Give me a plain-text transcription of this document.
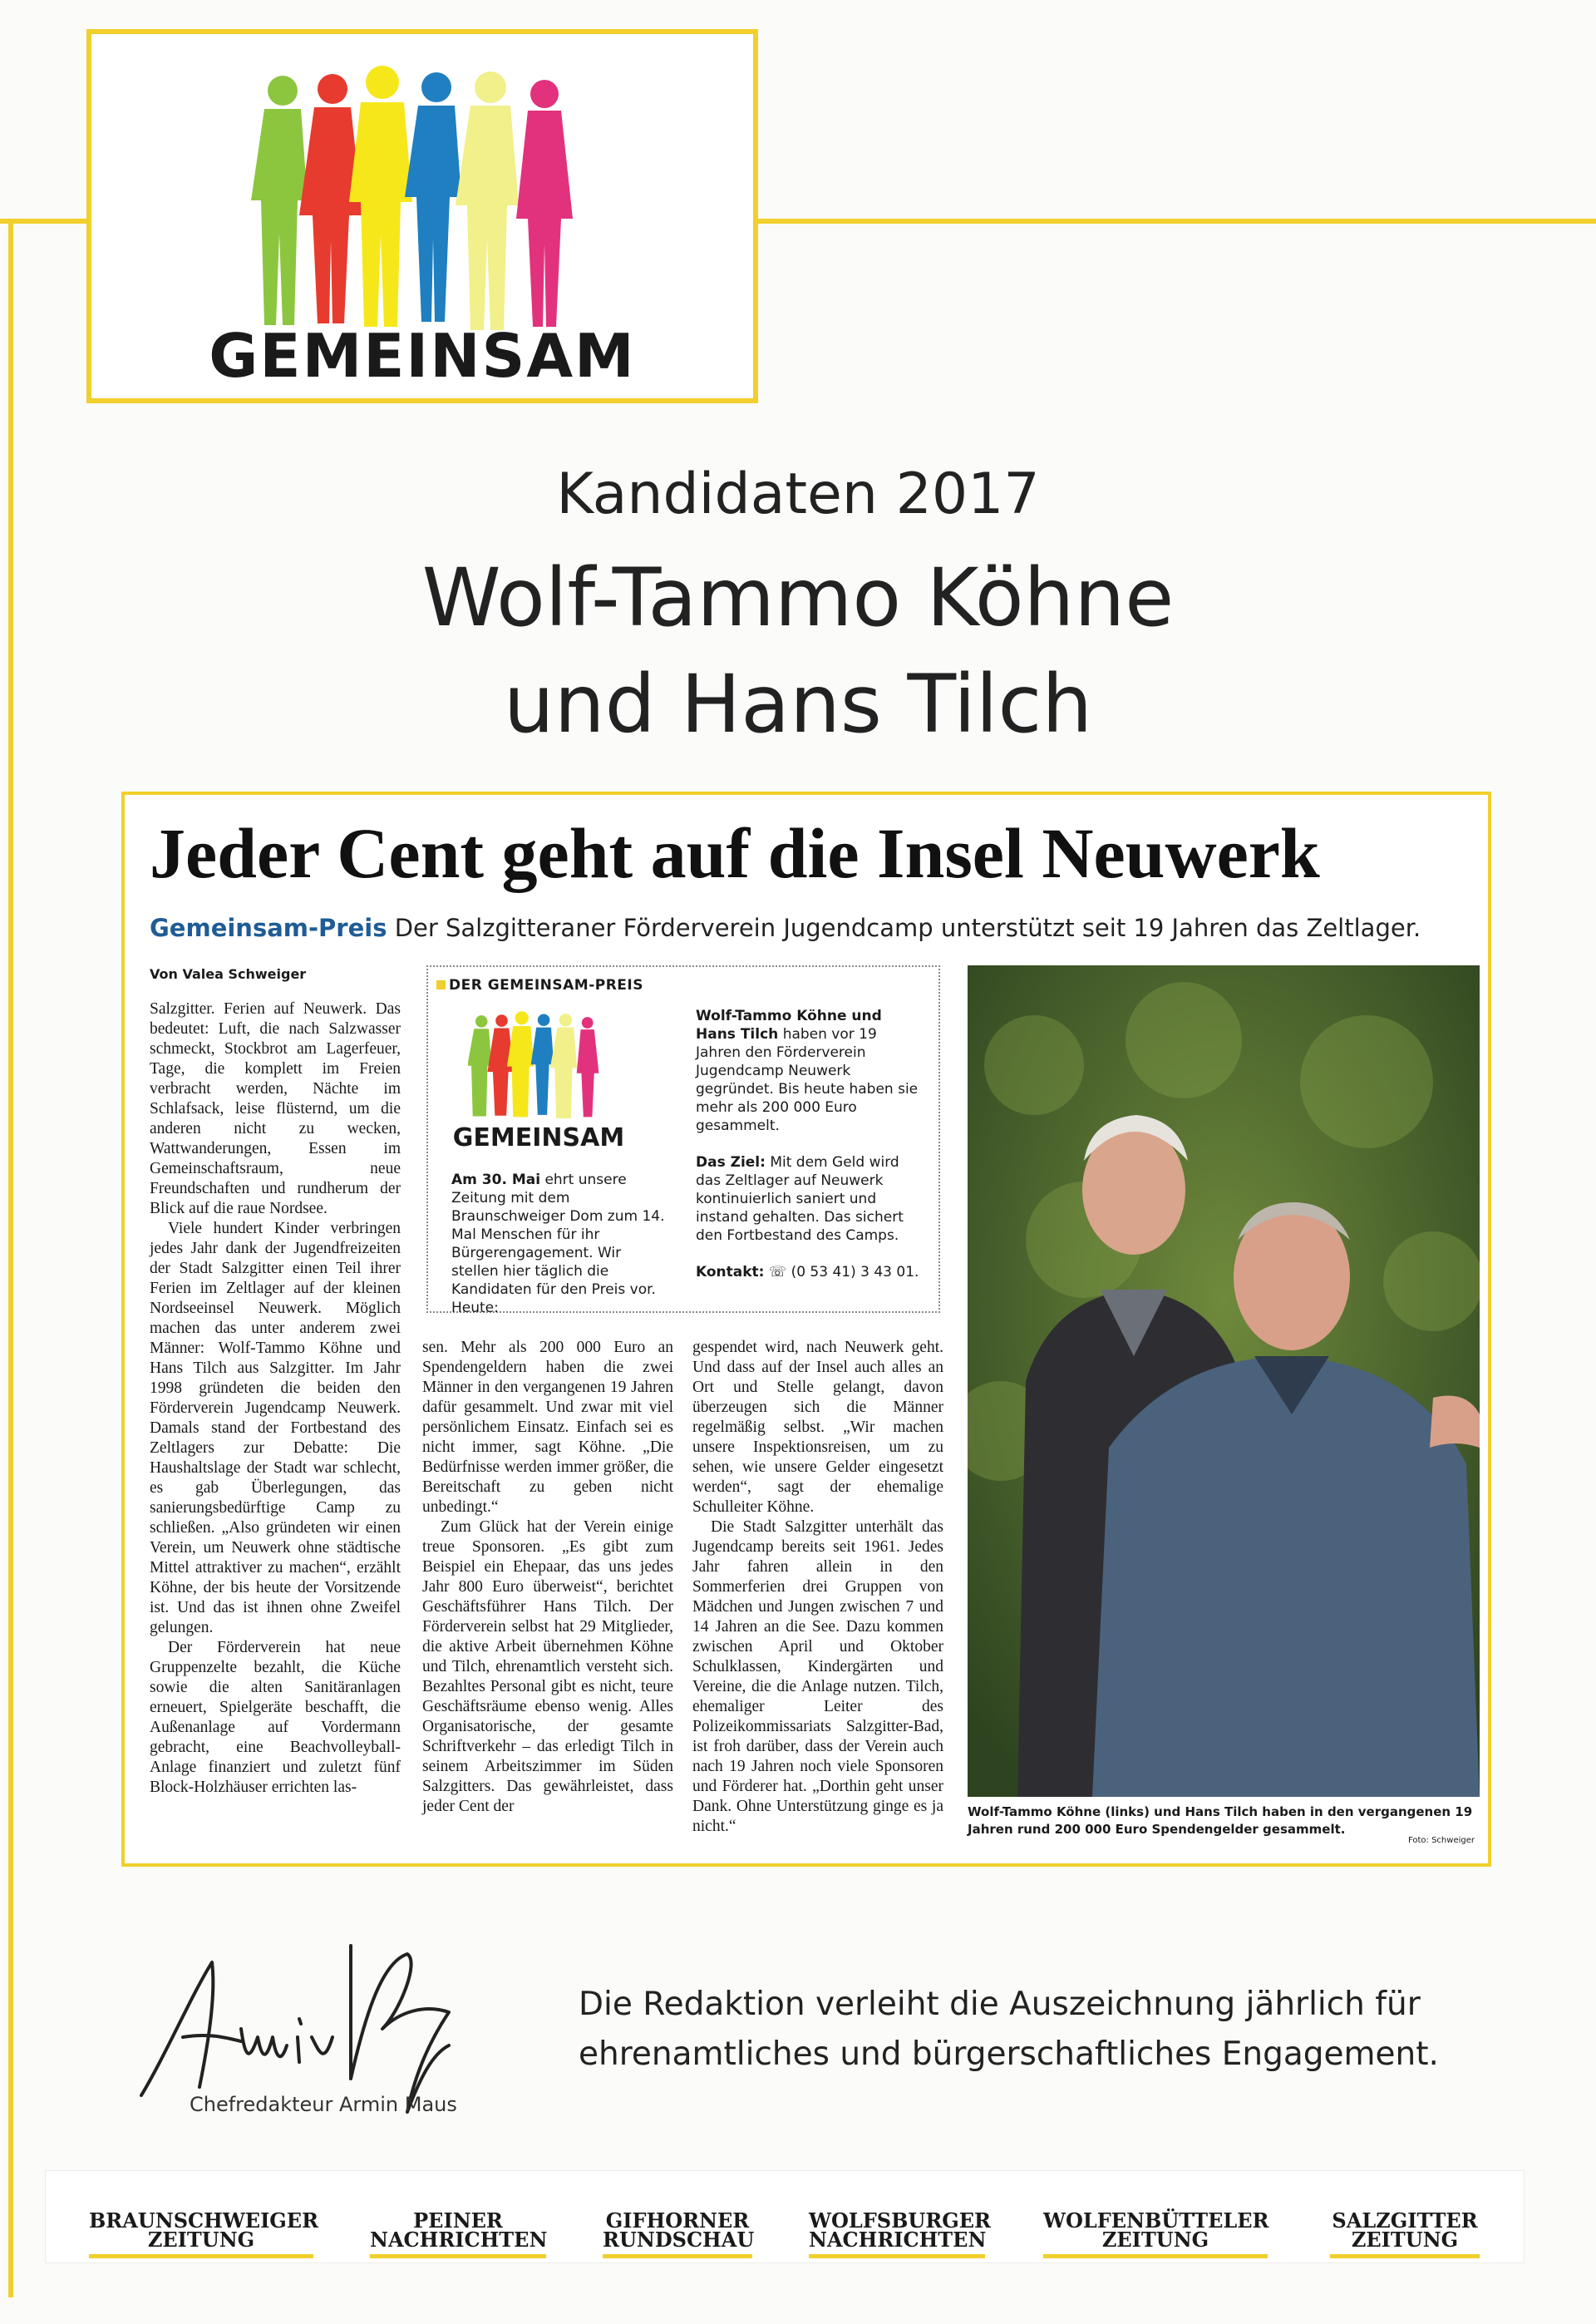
GEMEINSAM
Kandidaten 2017
Wolf-Tammo Köhne
und Hans Tilch
Jeder Cent geht auf die Insel Neuwerk
Gemeinsam-Preis Der Salzgitteraner Förderverein Jugendcamp unterstützt seit 19 Jahren das Zeltlager.
Von Valea Schweiger

Salzgitter. Ferien auf Neuwerk. Das bedeutet: Luft, die nach Salzwasser schmeckt, Stockbrot am Lagerfeuer, Tage, die komplett im Freien verbracht werden, Nächte im Schlafsack, leise flüsternd, um die anderen nicht zu wecken, Wattwanderungen, Essen im Gemeinschaftsraum, neue Freundschaften und rundherum der Blick auf die raue Nordsee.

Viele hundert Kinder verbringen jedes Jahr dank der Jugendfreizeiten der Stadt Salzgitter einen Teil ihrer Ferien im Zeltlager auf der kleinen Nordseeinsel Neuwerk. Möglich machen das unter anderem zwei Männer: Wolf-Tammo Köhne und Hans Tilch aus Salzgitter. Im Jahr 1998 gründeten die beiden den Förderverein Jugendcamp Neuwerk. Damals stand der Fortbestand des Zeltlagers zur Debatte: Die Haushaltslage der Stadt war schlecht, es gab Überlegungen, das sanierungsbedürftige Camp zu schließen. „Also gründeten wir einen Verein, um Neuwerk ohne städtische Mittel attraktiver zu machen“, erzählt Köhne, der bis heute der Vorsitzende ist. Und das ist ihnen ohne Zweifel gelungen.

Der Förderverein hat neue Gruppenzelte bezahlt, die Küche sowie die alten Sanitäranlagen erneuert, Spielgeräte beschafft, die Außenanlage auf Vordermann gebracht, eine Beachvolleyball-Anlage finanziert und zuletzt fünf Block-Holzhäuser errichten las-

DER GEMEINSAM-PREIS
GEMEINSAM
Am 30. Mai ehrt unsere Zeitung mit dem Braunschweiger Dom zum 14. Mal Menschen für ihr Bürgerengagement. Wir stellen hier täglich die Kandidaten für den Preis vor. Heute:

Wolf-Tammo Köhne und Hans Tilch haben vor 19 Jahren den Förderverein Jugendcamp Neuwerk gegründet. Bis heute haben sie mehr als 200 000 Euro gesammelt.

Das Ziel: Mit dem Geld wird das Zeltlager auf Neuwerk kontinuierlich saniert und instand gehalten. Das sichert den Fortbestand des Camps.

Kontakt: ☏ (0 53 41) 3 43 01.

sen. Mehr als 200 000 Euro an Spendengeldern haben die zwei Männer in den vergangenen 19 Jahren dafür gesammelt. Und zwar mit viel persönlichem Einsatz. Einfach sei es nicht immer, sagt Köhne. „Die Bedürfnisse werden immer größer, die Bereitschaft zu geben nicht unbedingt.“

Zum Glück hat der Verein einige treue Sponsoren. „Es gibt zum Beispiel ein Ehepaar, das uns jedes Jahr 800 Euro überweist“, berichtet Geschäftsführer Hans Tilch. Der Förderverein selbst hat 29 Mitglieder, die aktive Arbeit übernehmen Köhne und Tilch, ehrenamtlich versteht sich. Bezahltes Personal gibt es nicht, teure Geschäftsräume ebenso wenig. Alles Organisatorische, der gesamte Schriftverkehr – das erledigt Tilch in seinem Arbeitszimmer im Süden Salzgitters. Das gewährleistet, dass jeder Cent der

gespendet wird, nach Neuwerk geht. Und dass auf der Insel auch alles an Ort und Stelle gelangt, davon überzeugen sich die Männer regelmäßig selbst. „Wir machen unsere Inspektionsreisen, um zu sehen, wie unsere Gelder eingesetzt werden“, sagt der ehemalige Schulleiter Köhne.

Die Stadt Salzgitter unterhält das Jugendcamp bereits seit 1961. Jedes Jahr fahren allein in den Sommerferien drei Gruppen von Mädchen und Jungen zwischen 7 und 14 Jahren an die See. Dazu kommen zwischen April und Oktober Schulklassen, Kindergärten und Vereine, die die Anlage nutzen. Tilch, ehemaliger Leiter des Polizeikommissariats Salzgitter-Bad, ist froh darüber, dass der Verein auch nach 19 Jahren noch viele Sponsoren und Förderer hat. „Dorthin geht unser Dank. Ohne Unterstützung ginge es ja nicht.“

Wolf-Tammo Köhne (links) und Hans Tilch haben in den vergangenen 19 Jahren rund 200 000 Euro Spendengelder gesammelt.
Foto: Schweiger
Chefredakteur Armin Maus
Die Redaktion verleiht die Auszeichnung jährlich für ehrenamtliches und bürgerschaftliches Engagement.
BRAUNSCHWEIGER
ZEITUNG
PEINER
NACHRICHTEN
GIFHORNER
RUNDSCHAU
WOLFSBURGER
NACHRICHTEN
WOLFENBÜTTELER
ZEITUNG
SALZGITTER
ZEITUNG
